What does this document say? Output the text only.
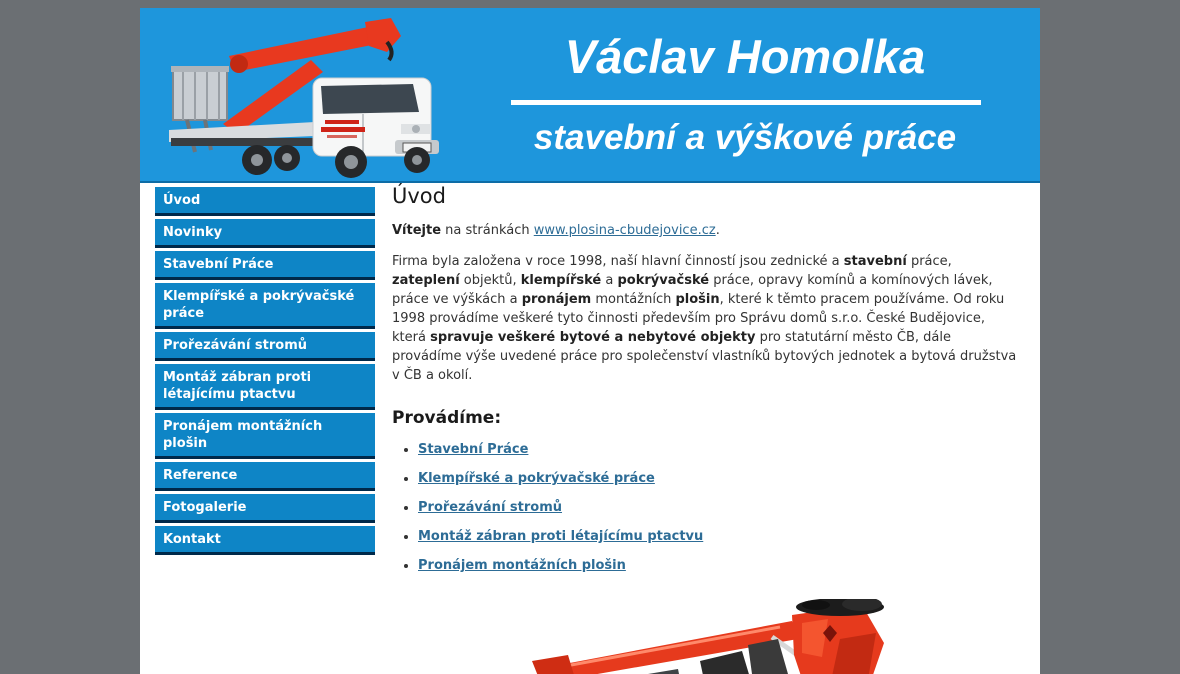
Václav Homolka
stavební a výškové práce
Úvod
Novinky
Stavební Práce
Klempířské a pokrývačské práce
Prořezávání stromů
Montáž zábran proti létajícímu ptactvu
Pronájem montážních plošin
Reference
Fotogalerie
Kontakt
Úvod

Vítejte na stránkách www.plosina-cbudejovice.cz.

Firma byla založena v roce 1998, naší hlavní činností jsou zednické a stavební práce, zateplení objektů, klempířské a pokrývačské práce, opravy komínů a komínových lávek, práce ve výškách a pronájem montážních plošin, které k těmto pracem používáme. Od roku 1998 provádíme veškeré tyto činnosti především pro Správu domů s.r.o. České Budějovice, která spravuje veškeré bytové a nebytové objekty pro statutární město ČB, dále provádíme výše uvedené práce pro společenství vlastníků bytových jednotek a bytová družstva v ČB a okolí.

Provádíme:
• Stavební Práce
• Klempířské a pokrývačské práce
• Prořezávání stromů
• Montáž zábran proti létajícímu ptactvu
• Pronájem montážních plošin
